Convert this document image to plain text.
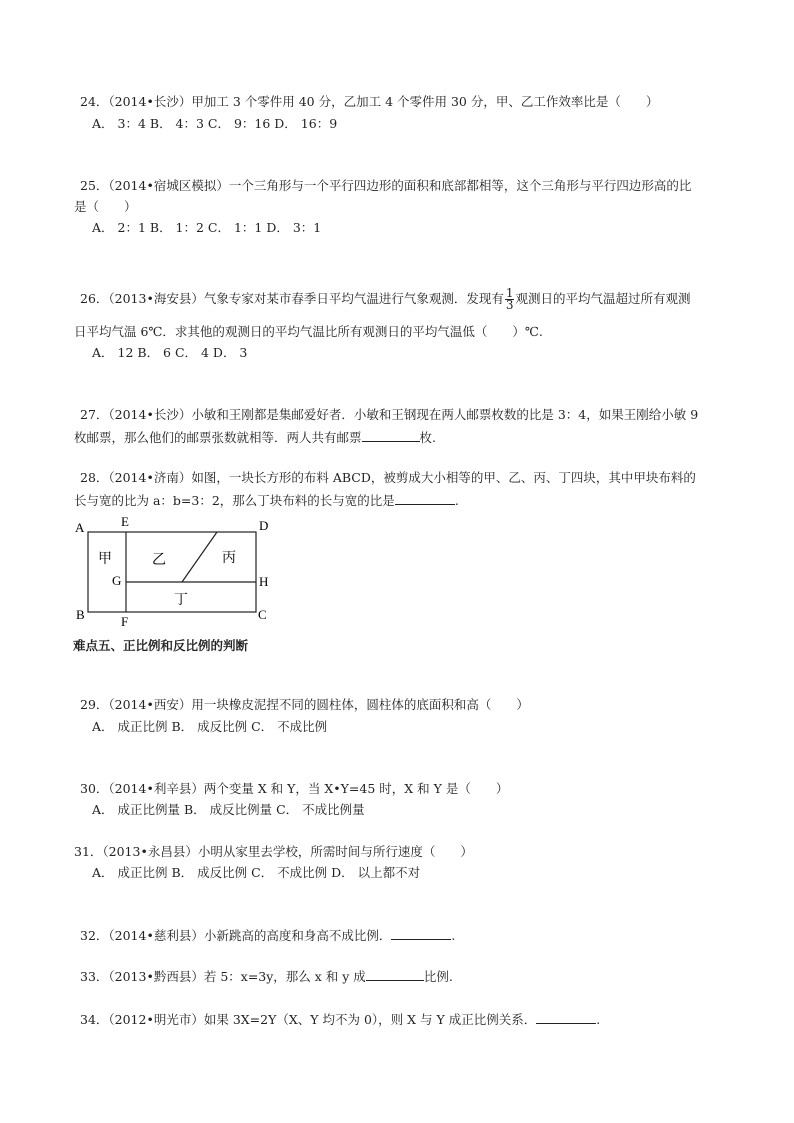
24．（2014•长沙）甲加工 3 个零件用 40 分，乙加工 4 个零件用 30 分，甲、乙工作效率比是（　　）
A． 3：4 B． 4：3 C． 9：16 D． 16：9
25．（2014•宿城区模拟）一个三角形与一个平行四边形的面积和底部都相等，这个三角形与平行四边形高的比
是（　　）
A． 2：1 B． 1：2 C． 1：1 D． 3：1
26．（2013•海安县）气象专家对某市春季日平均气温进行气象观测．发现有 $\frac{1}{3}$ 观测日的平均气温超过所有观测
日平均气温 6℃．求其他的观测日的平均气温比所有观测日的平均气温低（　　）℃.
A． 12 B． 6 C． 4 D． 3
27．（2014•长沙）小敏和王刚都是集邮爱好者．小敏和王钢现在两人邮票枚数的比是 3：4，如果王刚给小敏 9
枚邮票，那么他们的邮票张数就相等．两人共有邮票	枚.
28．（2014•济南）如图，一块长方形的布料 ABCD，被剪成大小相等的甲、乙、丙、丁四块，其中甲块布料的
长与宽的比为 a：b=3：2，那么丁块布料的长与宽的比是	.
A	E	D
G	H
B	F	C
甲	乙	丙
丁
难点五、正比例和反比例的判断
29．（2014•西安）用一块橡皮泥捏不同的圆柱体，圆柱体的底面积和高（　　）
A． 成正比例 B． 成反比例 C． 不成比例
30．（2014•利辛县）两个变量 X 和 Y，当 X•Y=45 时，X 和 Y 是（　　）
A． 成正比例量 B． 成反比例量 C． 不成比例量
31．（2013•永昌县）小明从家里去学校，所需时间与所行速度（　　）
A． 成正比例 B． 成反比例 C． 不成比例 D． 以上都不对
32．（2014•慈利县）小新跳高的高度和身高不成比例．	.
33．（2013•黔西县）若 5：x=3y，那么 x 和 y 成	比例.
34．（2012•明光市）如果 3X=2Y（X、Y 均不为 0），则 X 与 Y 成正比例关系．	.
